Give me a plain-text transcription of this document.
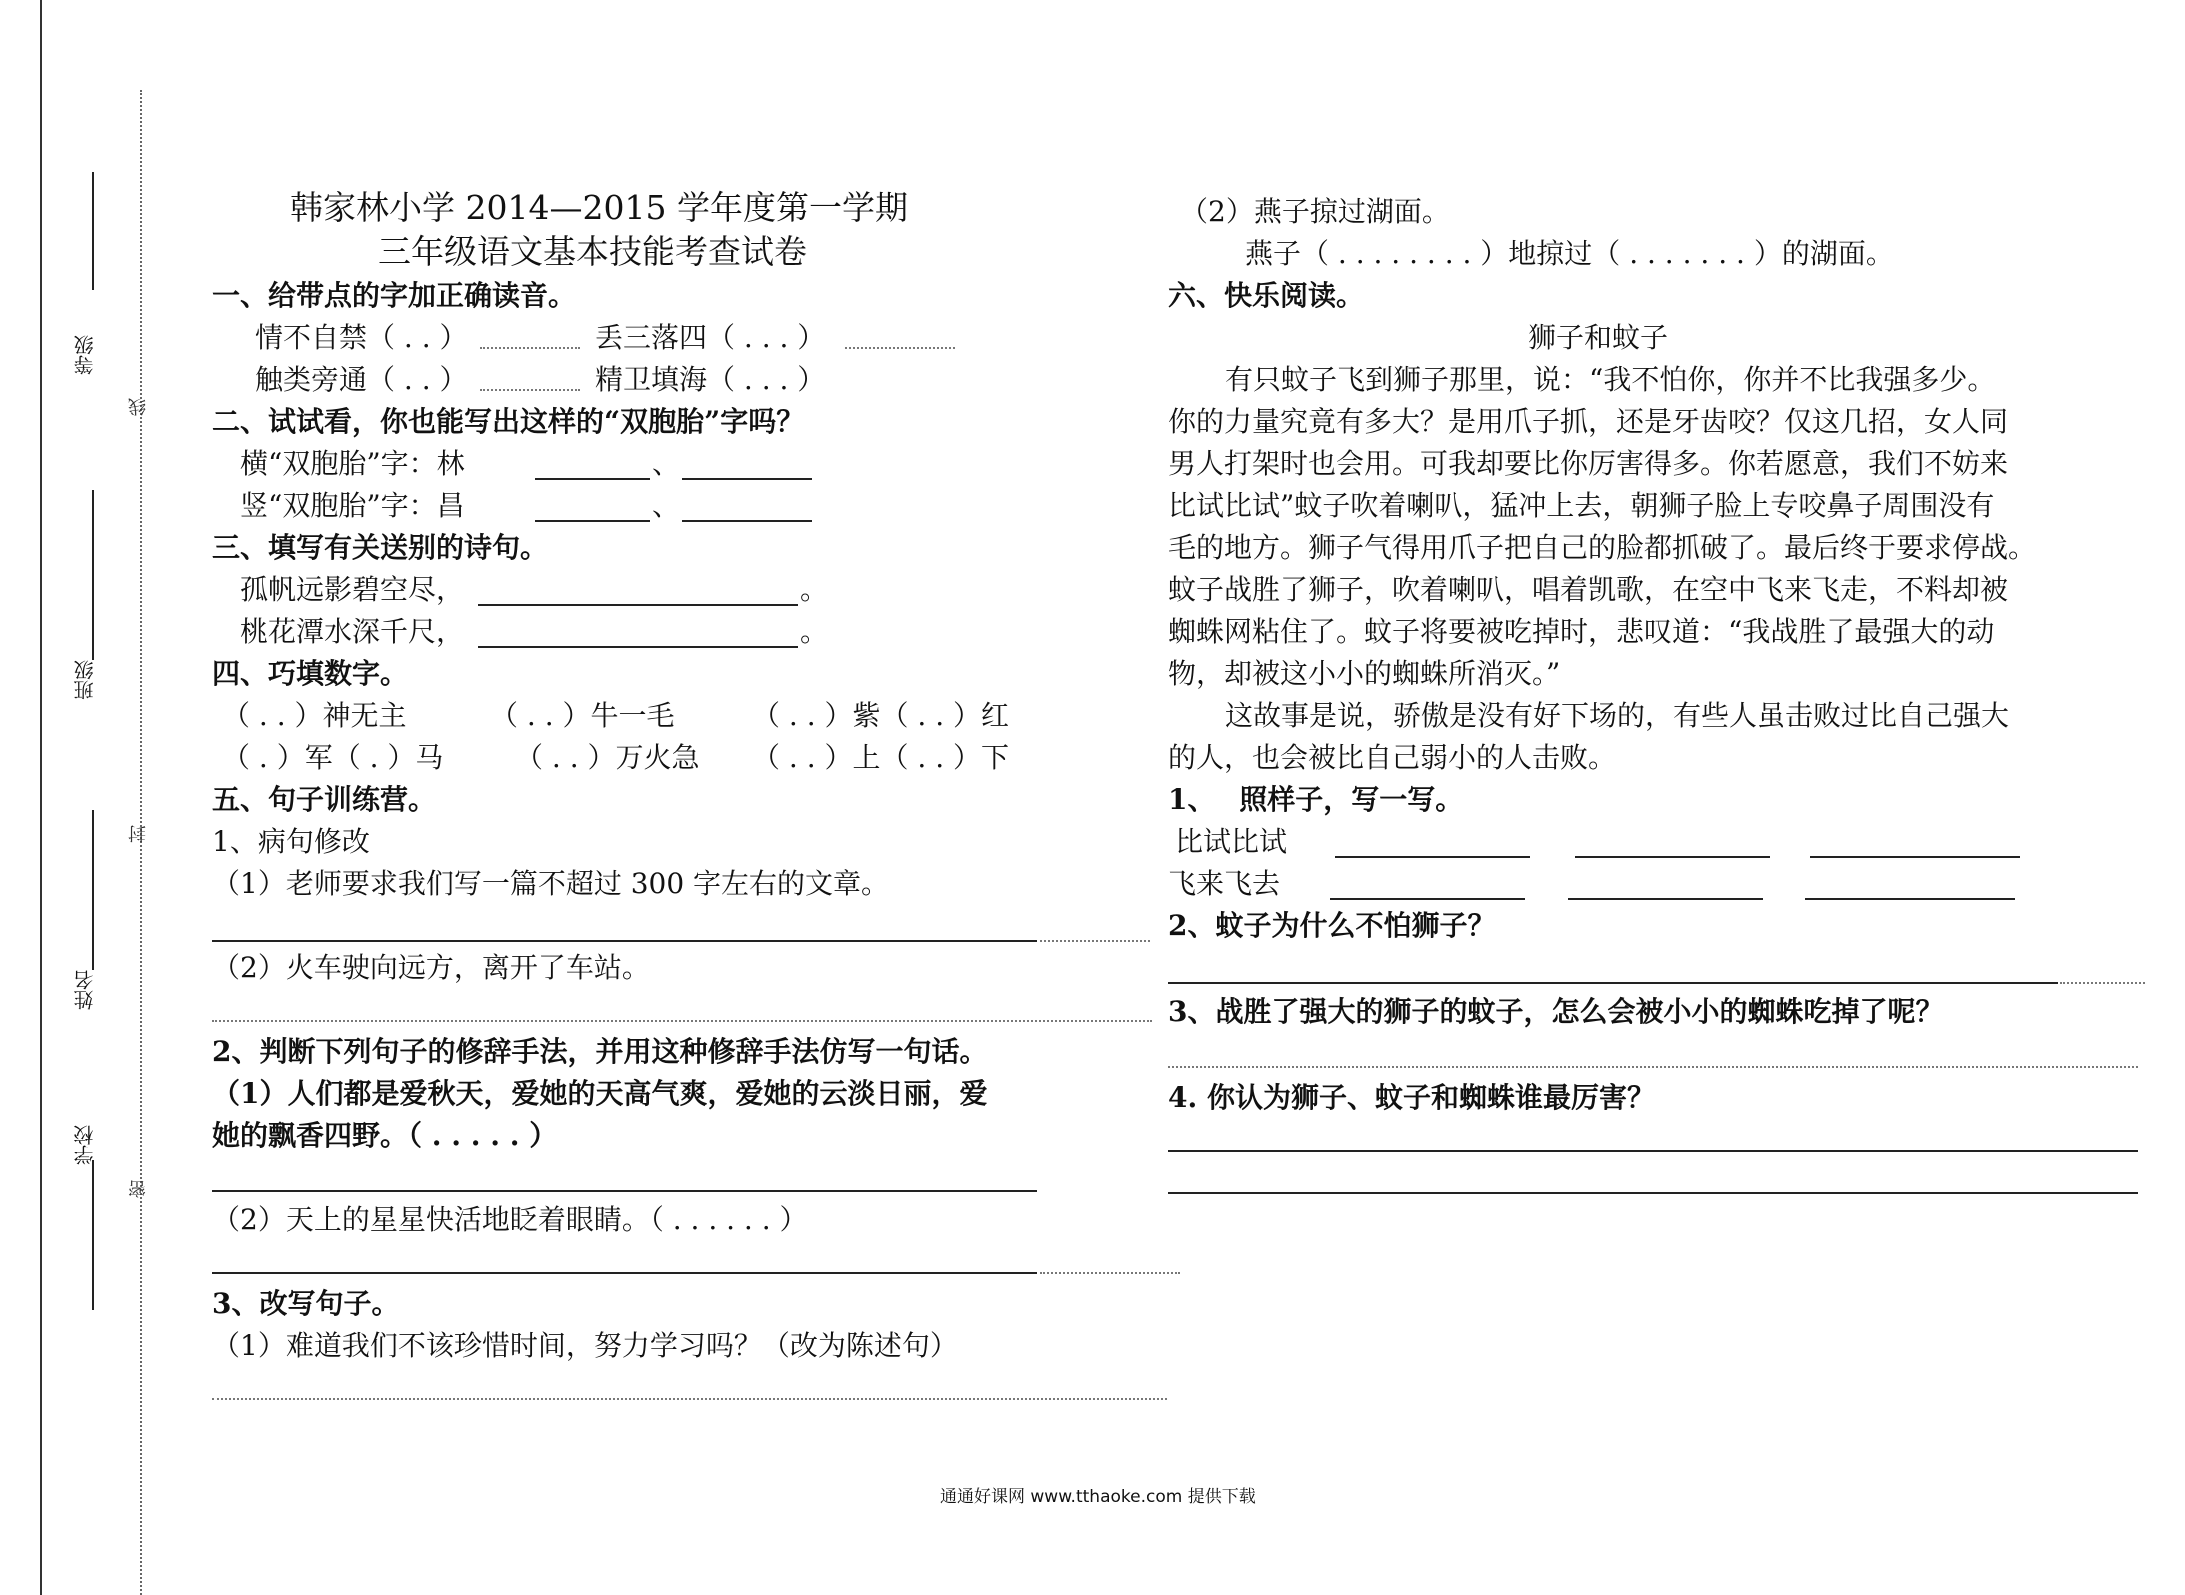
等级
班级
姓名
学校
线
封
密
韩家林小学 2014—2015 学年度第一学期
三年级语文基本技能考查试卷
一、给带点的字加正确读音。
情不自禁（ . . ）	丢三落四（ . . . ）
触类旁通（ . . ）	精卫填海（ . . . ）
二、试试看，你也能写出这样的“双胞胎”字吗？
横“双胞胎”字：林	、
竖“双胞胎”字：昌	、
三、填写有关送别的诗句。
孤帆远影碧空尽，	。
桃花潭水深千尺，	。
四、巧填数字。
（ . . ）神无主	（ . . ）牛一毛	（ . . ）紫（ . . ）红
（ . ）军（ . ）马	（ . . ）万火急 （ . . ）上（ . . ）下
五、句子训练营。
1、病句修改
（1）老师要求我们写一篇不超过 300 字左右的文章。
（2）火车驶向远方，离开了车站。
2、判断下列句子的修辞手法，并用这种修辞手法仿写一句话。
（1）人们都是爱秋天，爱她的天高气爽，爱她的云淡日丽，爱
她的飘香四野。（ . . . . . ）
（2）天上的星星快活地眨着眼睛。（ . . . . . . ）
3、改写句子。
（1）难道我们不该珍惜时间，努力学习吗？（改为陈述句）
（2）燕子掠过湖面。
燕子（ . . . . . . . . ）地掠过（ . . . . . . . ）的湖面。
六、快乐阅读。
狮子和蚊子
有只蚊子飞到狮子那里，说：“我不怕你，你并不比我强多少。
你的力量究竟有多大？是用爪子抓，还是牙齿咬？仅这几招，女人同
男人打架时也会用。可我却要比你厉害得多。你若愿意，我们不妨来
比试比试”蚊子吹着喇叭，猛冲上去，朝狮子脸上专咬鼻子周围没有
毛的地方。狮子气得用爪子把自己的脸都抓破了。最后终于要求停战。
蚊子战胜了狮子，吹着喇叭，唱着凯歌，在空中飞来飞走，不料却被
蜘蛛网粘住了。蚊子将要被吃掉时，悲叹道：“我战胜了最强大的动
物，却被这小小的蜘蛛所消灭。”
这故事是说，骄傲是没有好下场的，有些人虽击败过比自己强大
的人，也会被比自己弱小的人击败。
1、　 照样子，写一写。
比试比试
飞来飞去
2、蚊子为什么不怕狮子？
3、战胜了强大的狮子的蚊子，怎么会被小小的蜘蛛吃掉了呢？
4. 你认为狮子、蚊子和蜘蛛谁最厉害？
通通好课网 www.tthaoke.com 提供下载
